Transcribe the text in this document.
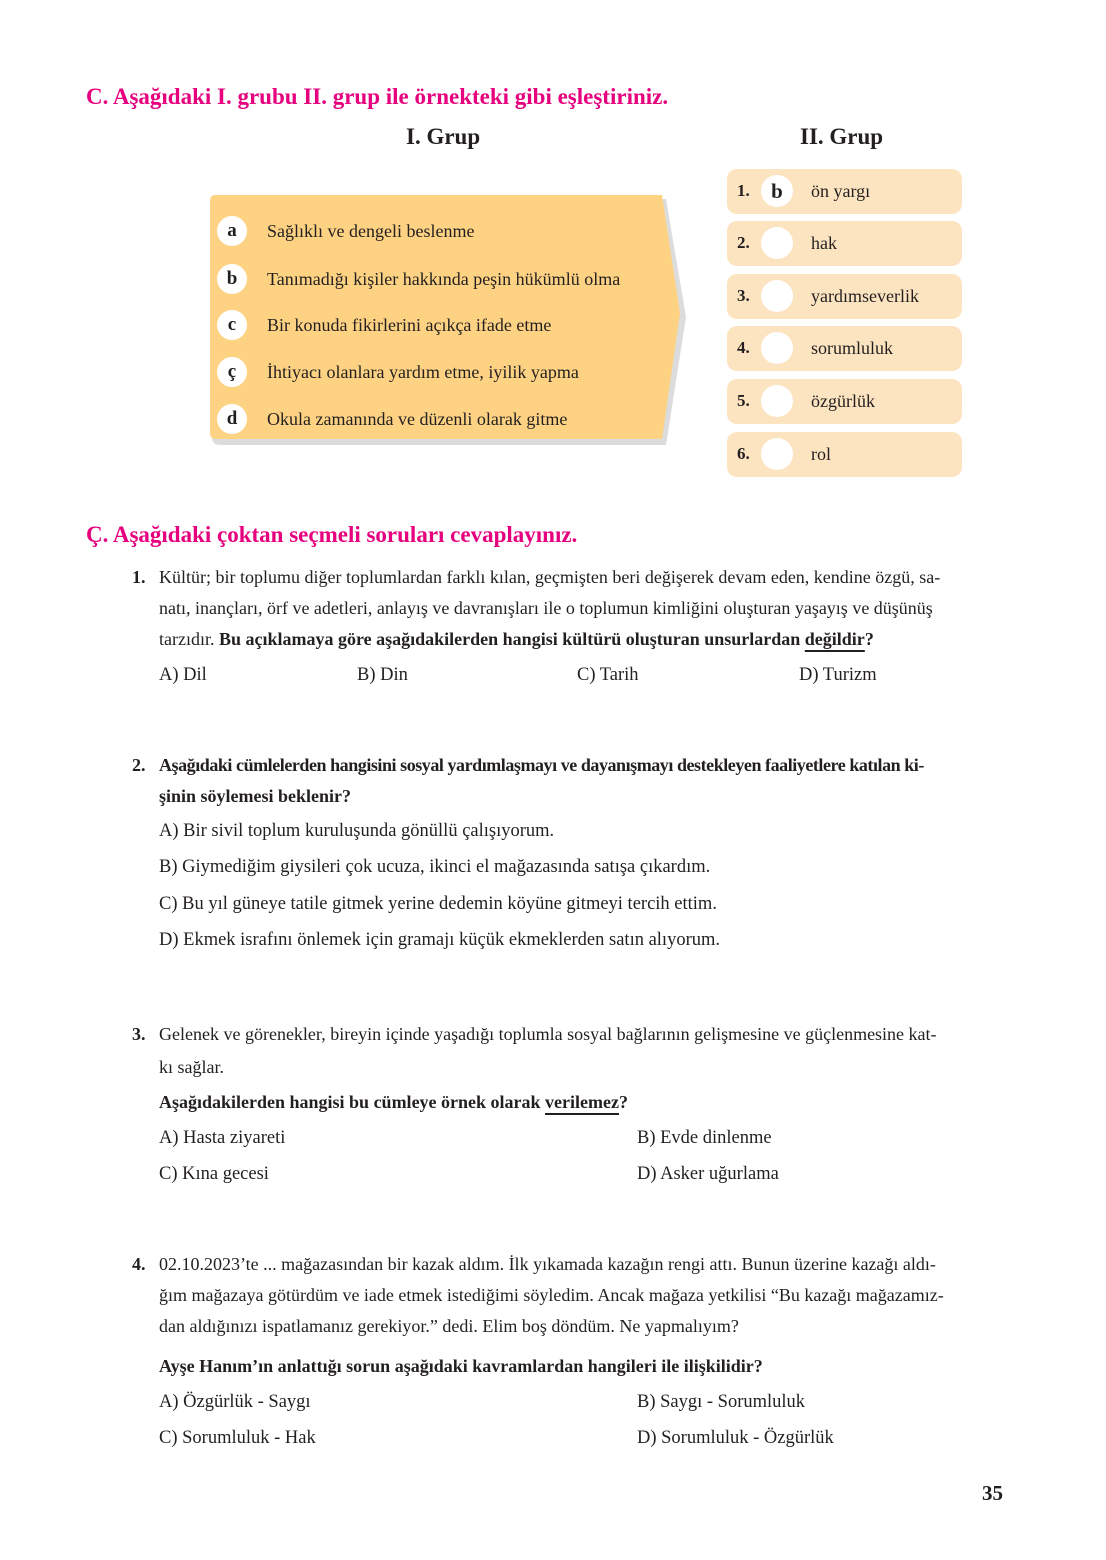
C. Aşağıdaki I. grubu II. grup ile örnekteki gibi eşleştiriniz.
I. Grup	II. Grup
a	Sağlıklı ve dengeli beslenme
b	Tanımadığı kişiler hakkında peşin hükümlü olma
c	Bir konuda fikirlerini açıkça ifade etme
ç	İhtiyacı olanlara yardım etme, iyilik yapma
d	Okula zamanında ve düzenli olarak gitme
1.	b	ön yargı
2.	hak
3.	yardımseverlik
4.	sorumluluk
5.	özgürlük
6.	rol
Ç. Aşağıdaki çoktan seçmeli soruları cevaplayınız.
1. Kültür; bir toplumu diğer toplumlardan farklı kılan, geçmişten beri değişerek devam eden, kendine özgü, sa-
natı, inançları, örf ve adetleri, anlayış ve davranışları ile o toplumun kimliğini oluşturan yaşayış ve düşünüş
tarzıdır. Bu açıklamaya göre aşağıdakilerden hangisi kültürü oluşturan unsurlardan değildir?
A) Dil	B) Din	C) Tarih	D) Turizm
2. Aşağıdaki cümlelerden hangisini sosyal yardımlaşmayı ve dayanışmayı destekleyen faaliyetlere katılan ki-
şinin söylemesi beklenir?
A) Bir sivil toplum kuruluşunda gönüllü çalışıyorum.
B) Giymediğim giysileri çok ucuza, ikinci el mağazasında satışa çıkardım.
C) Bu yıl güneye tatile gitmek yerine dedemin köyüne gitmeyi tercih ettim.
D) Ekmek israfını önlemek için gramajı küçük ekmeklerden satın alıyorum.
3. Gelenek ve görenekler, bireyin içinde yaşadığı toplumla sosyal bağlarının gelişmesine ve güçlenmesine kat-
kı sağlar.
Aşağıdakilerden hangisi bu cümleye örnek olarak verilemez?
A) Hasta ziyareti	B) Evde dinlenme
C) Kına gecesi	D) Asker uğurlama
4. 02.10.2023’te ... mağazasından bir kazak aldım. İlk yıkamada kazağın rengi attı. Bunun üzerine kazağı aldı-
ğım mağazaya götürdüm ve iade etmek istediğimi söyledim. Ancak mağaza yetkilisi “Bu kazağı mağazamız-
dan aldığınızı ispatlamanız gerekiyor.” dedi. Elim boş döndüm. Ne yapmalıyım?
Ayşe Hanım’ın anlattığı sorun aşağıdaki kavramlardan hangileri ile ilişkilidir?
A) Özgürlük - Saygı	B) Saygı - Sorumluluk
C) Sorumluluk - Hak	D) Sorumluluk - Özgürlük
35
